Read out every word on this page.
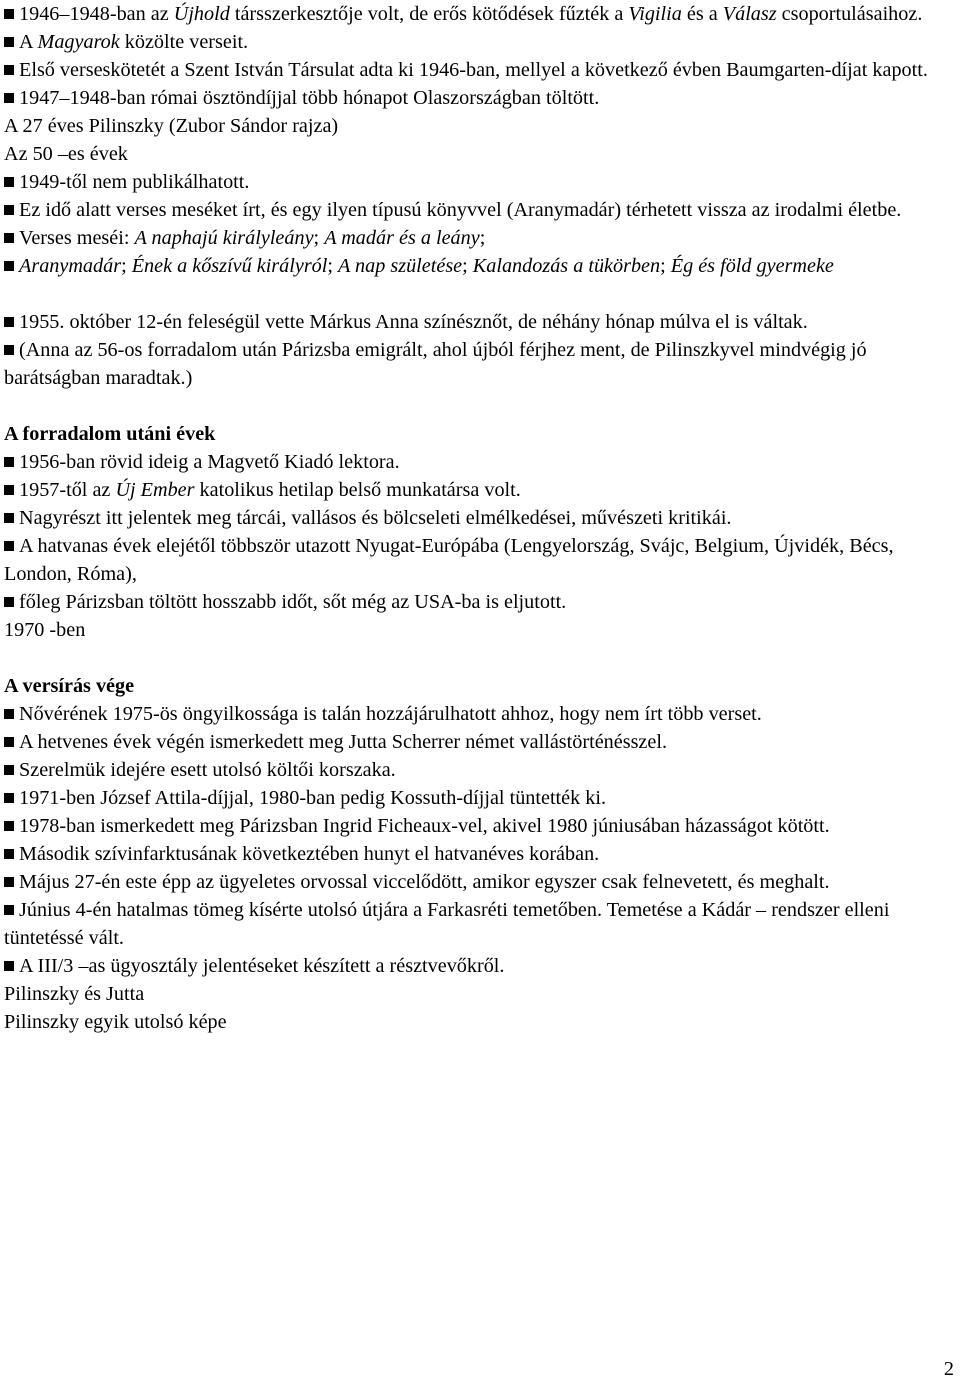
1946–1948-ban az Újhold társszerkesztője volt, de erős kötődések fűzték a Vigilia és a Válasz csoportulásaihoz.

A Magyarok közölte verseit.

Első verseskötetét a Szent István Társulat adta ki 1946-ban, mellyel a következő évben Baumgarten-díjat kapott.

1947–1948-ban római ösztöndíjjal több hónapot Olaszországban töltött.

A 27 éves Pilinszky (Zubor Sándor rajza)

Az 50 –es évek

1949-től nem publikálhatott.

Ez idő alatt verses meséket írt, és egy ilyen típusú könyvvel (Aranymadár) térhetett vissza az irodalmi életbe.

Verses meséi: A naphajú királyleány; A madár és a leány;

Aranymadár; Ének a kőszívű királyról; A nap születése; Kalandozás a tükörben; Ég és föld gyermeke

1955. október 12-én feleségül vette Márkus Anna színésznőt, de néhány hónap múlva el is váltak.

(Anna az 56-os forradalom után Párizsba emigrált, ahol újból férjhez ment, de Pilinszkyvel mindvégig jó barátságban maradtak.)

A forradalom utáni évek

1956-ban rövid ideig a Magvető Kiadó lektora.

1957-től az Új Ember katolikus hetilap belső munkatársa volt.

Nagyrészt itt jelentek meg tárcái, vallásos és bölcseleti elmélkedései, művészeti kritikái.

A hatvanas évek elejétől többször utazott Nyugat-Európába (Lengyelország, Svájc, Belgium, Újvidék, Bécs, London, Róma),

főleg Párizsban töltött hosszabb időt, sőt még az USA-ba is eljutott.

1970 -ben

A versírás vége

Nővérének 1975-ös öngyilkossága is talán hozzájárulhatott ahhoz, hogy nem írt több verset.

A hetvenes évek végén ismerkedett meg Jutta Scherrer német vallástörténésszel.

Szerelmük idejére esett utolsó költői korszaka.

1971-ben József Attila-díjjal, 1980-ban pedig Kossuth-díjjal tüntették ki.

1978-ban ismerkedett meg Párizsban Ingrid Ficheaux-vel, akivel 1980 júniusában házasságot kötött.

Második szívinfarktusának következtében hunyt el hatvanéves korában.

Május 27-én este épp az ügyeletes orvossal viccelődött, amikor egyszer csak felnevetett, és meghalt.

Június 4-én hatalmas tömeg kísérte utolsó útjára a Farkasréti temetőben. Temetése a Kádár – rendszer elleni tüntetéssé vált.

A III/3 –as ügyosztály jelentéseket készített a résztvevőkről.

Pilinszky és Jutta

Pilinszky egyik utolsó képe

2
